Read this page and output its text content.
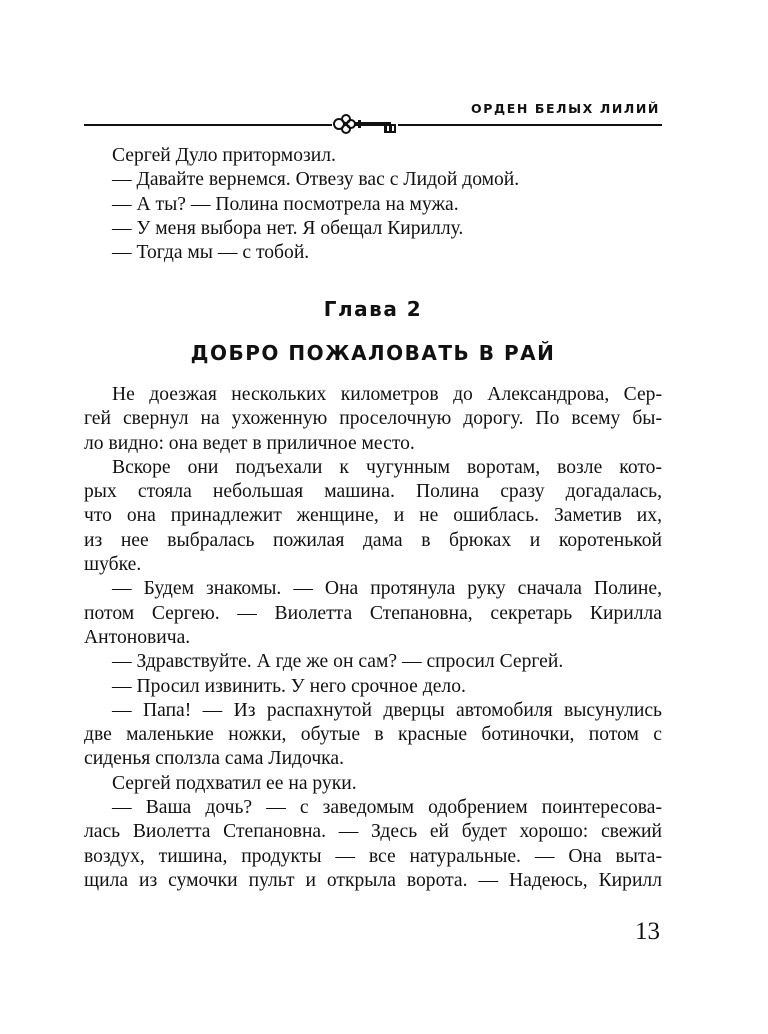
ОРДЕН БЕЛЫХ ЛИЛИЙ
Сергей Дуло притормозил.
— Давайте вернемся. Отвезу вас с Лидой домой.
— А ты? — Полина посмотрела на мужа.
— У меня выбора нет. Я обещал Кириллу.
— Тогда мы — с тобой.
Глава 2
ДОБРО ПОЖАЛОВАТЬ В РАЙ
Не доезжая нескольких километров до Александрова, Сер-
гей свернул на ухоженную проселочную дорогу. По всему бы-
ло видно: она ведет в приличное место.
Вскоре они подъехали к чугунным воротам, возле кото-
рых стояла небольшая машина. Полина сразу догадалась,
что она принадлежит женщине, и не ошиблась. Заметив их,
из нее выбралась пожилая дама в брюках и коротенькой
шубке.
— Будем знакомы. — Она протянула руку сначала Полине,
потом Сергею. — Виолетта Степановна, секретарь Кирилла
Антоновича.
— Здравствуйте. А где же он сам? — спросил Сергей.
— Просил извинить. У него срочное дело.
— Папа! — Из распахнутой дверцы автомобиля высунулись
две маленькие ножки, обутые в красные ботиночки, потом с
сиденья сползла сама Лидочка.
Сергей подхватил ее на руки.
— Ваша дочь? — с заведомым одобрением поинтересова-
лась Виолетта Степановна. — Здесь ей будет хорошо: свежий
воздух, тишина, продукты — все натуральные. — Она выта-
щила из сумочки пульт и открыла ворота. — Надеюсь, Кирилл
13
